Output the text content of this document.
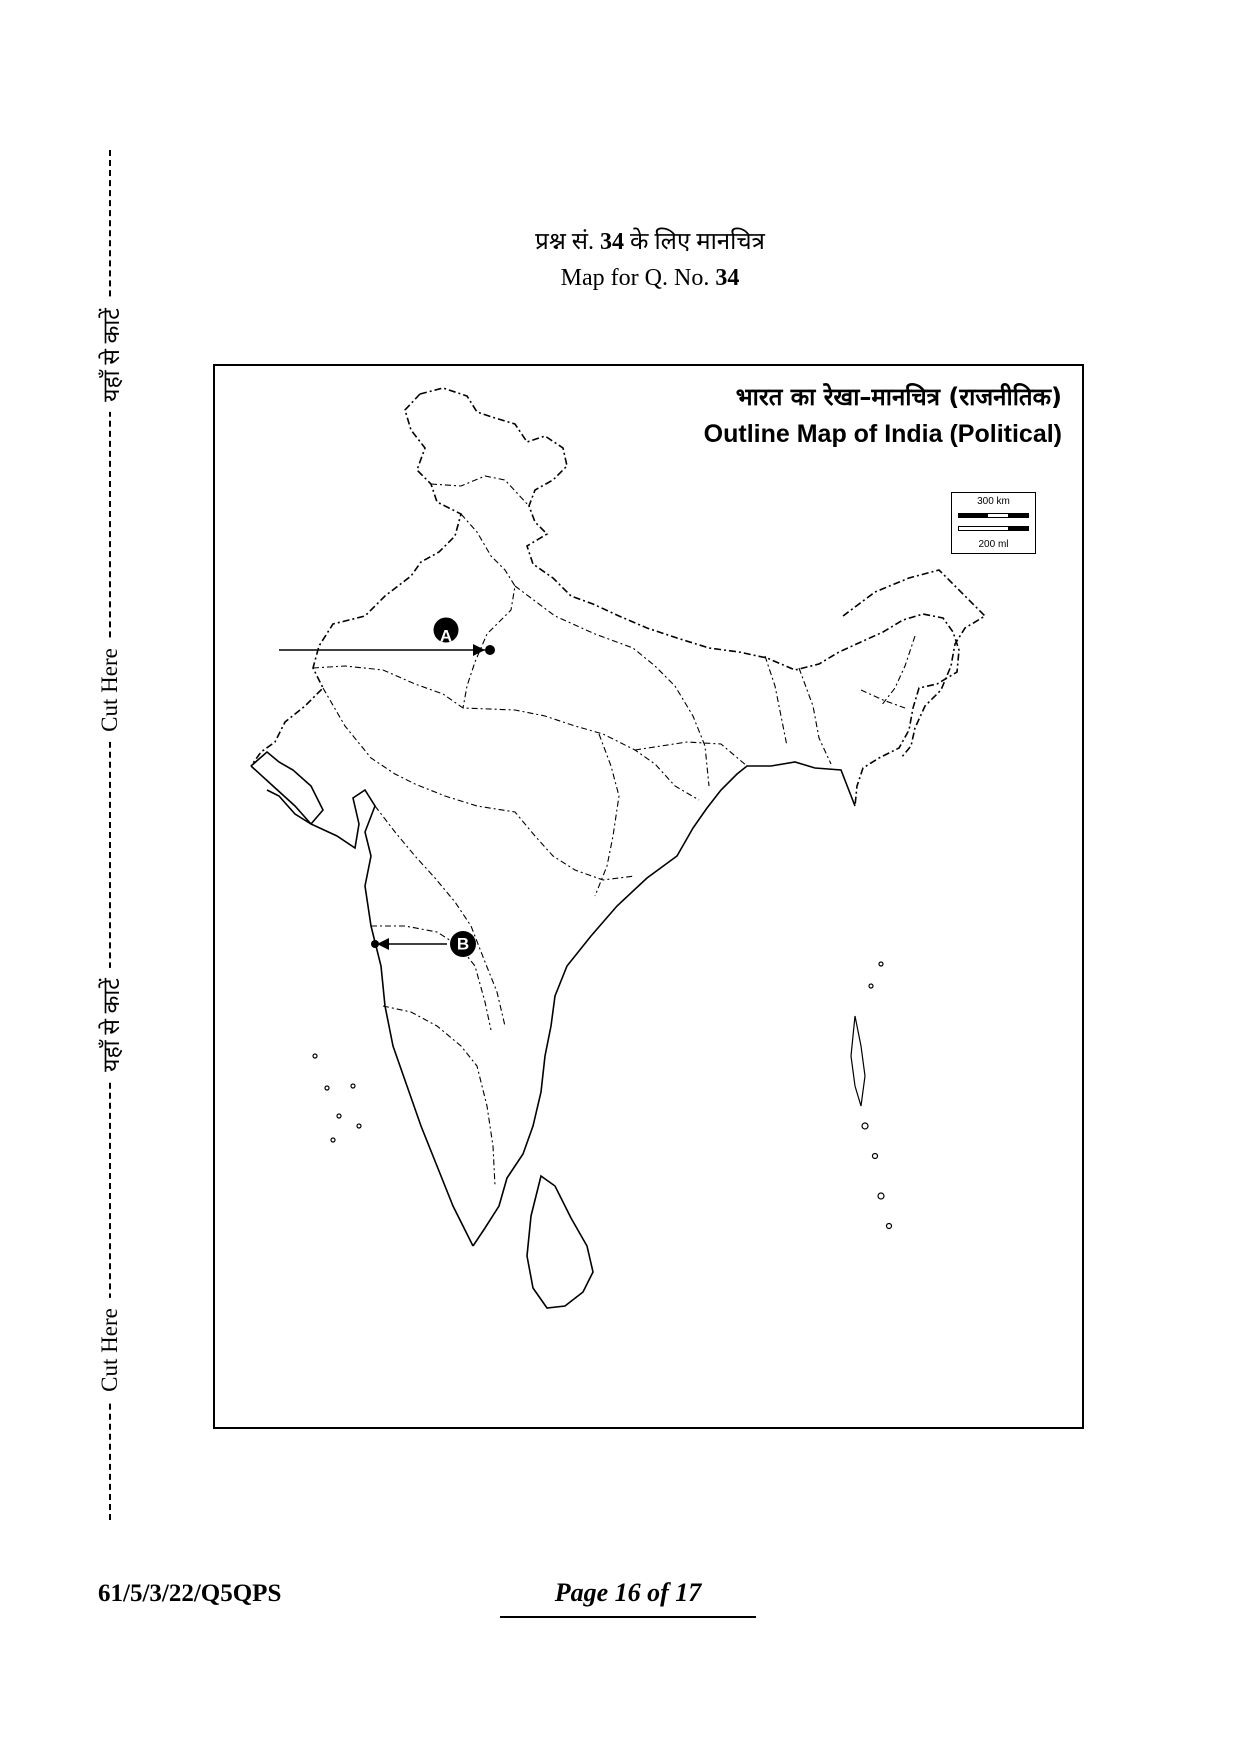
यहाँ से काटें
Cut Here
यहाँ से काटें
Cut Here
प्रश्न सं. 34 के लिए मानचित्र
Map for Q. No. 34
A
B
भारत का रेखा–मानचित्र (राजनीतिक)
Outline Map of India (Political)
300 km
200 ml
61/5/3/22/Q5QPS	Page 16 of 17
